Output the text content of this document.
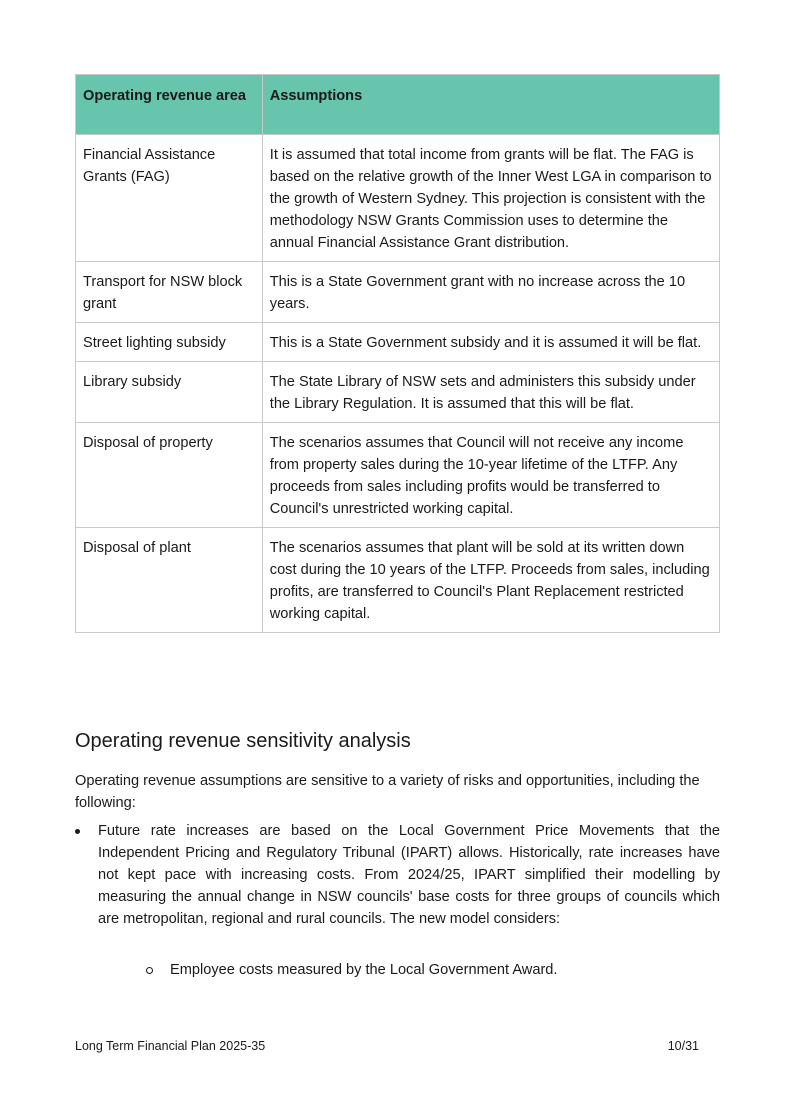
Operating revenue area	Assumptions
Financial Assistance Grants (FAG)	It is assumed that total income from grants will be flat. The FAG is based on the relative growth of the Inner West LGA in comparison to the growth of Western Sydney. This projection is consistent with the methodology NSW Grants Commission uses to determine the annual Financial Assistance Grant distribution.
Transport for NSW block grant	This is a State Government grant with no increase across the 10 years.
Street lighting subsidy	This is a State Government subsidy and it is assumed it will be flat.
Library subsidy	The State Library of NSW sets and administers this subsidy under the Library Regulation. It is assumed that this will be flat.
Disposal of property	The scenarios assumes that Council will not receive any income from property sales during the 10-year lifetime of the LTFP. Any proceeds from sales including profits would be transferred to Council's unrestricted working capital.
Disposal of plant	The scenarios assumes that plant will be sold at its written down cost during the 10 years of the LTFP. Proceeds from sales, including profits, are transferred to Council's Plant Replacement restricted working capital.
Operating revenue sensitivity analysis

Operating revenue assumptions are sensitive to a variety of risks and opportunities, including the following:

Future rate increases are based on the Local Government Price Movements that the Independent Pricing and Regulatory Tribunal (IPART) allows. Historically, rate increases have not kept pace with increasing costs. From 2024/25, IPART simplified their modelling by measuring the annual change in NSW councils' base costs for three groups of councils which are metropolitan, regional and rural councils. The new model considers:
Employee costs measured by the Local Government Award.
Long Term Financial Plan 2025-35	10/31
